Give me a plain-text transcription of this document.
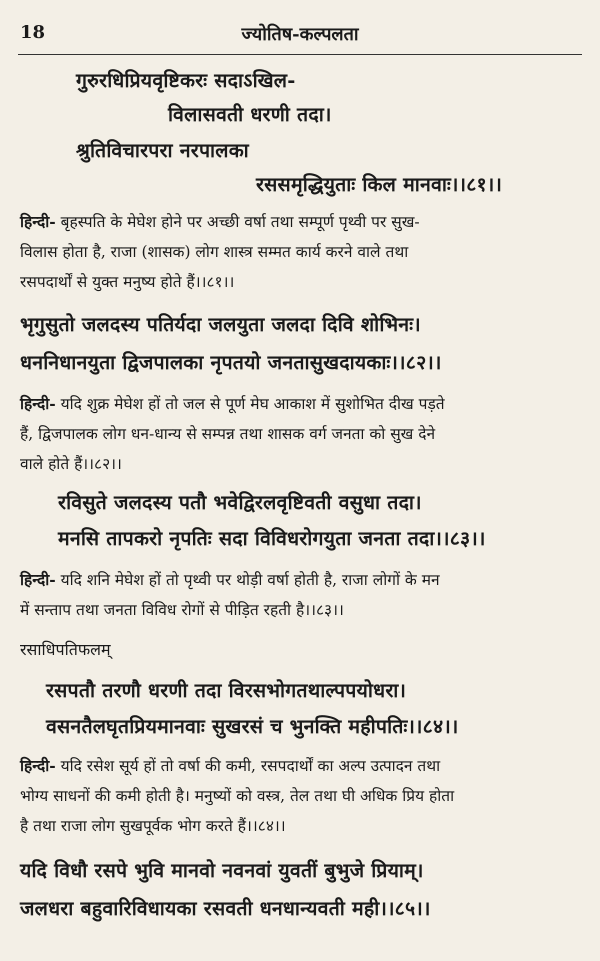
18	ज्योतिष-कल्पलता
गुरुरधिप्रियवृष्टिकरः सदाऽखिल-
विलासवती धरणी तदा।
श्रुतिविचारपरा नरपालका
रससमृद्धियुताः किल मानवाः।।८१।।
हिन्दी- बृहस्पति के मेघेश होने पर अच्छी वर्षा तथा सम्पूर्ण पृथ्वी पर सुख-
विलास होता है, राजा (शासक) लोग शास्त्र सम्मत कार्य करने वाले तथा
रसपदार्थों से युक्त मनुष्य होते हैं।।८१।।
भृगुसुतो जलदस्य पतिर्यदा जलयुता जलदा दिवि शोभिनः।
धननिधानयुता द्विजपालका नृपतयो जनतासुखदायकाः।।८२।।
हिन्दी- यदि शुक्र मेघेश हों तो जल से पूर्ण मेघ आकाश में सुशोभित दीख पड़ते
हैं, द्विजपालक लोग धन-धान्य से सम्पन्न तथा शासक वर्ग जनता को सुख देने
वाले होते हैं।।८२।।
रविसुते जलदस्य पतौ भवेद्विरलवृष्टिवती वसुधा तदा।
मनसि तापकरो नृपतिः सदा विविधरोगयुता जनता तदा।।८३।।
हिन्दी- यदि शनि मेघेश हों तो पृथ्वी पर थोड़ी वर्षा होती है, राजा लोगों के मन
में सन्ताप तथा जनता विविध रोगों से पीड़ित रहती है।।८३।।
रसाधिपतिफलम्
रसपतौ तरणौ धरणी तदा विरसभोगतथाल्पपयोधरा।
वसनतैलघृतप्रियमानवाः सुखरसं च भुनक्ति महीपतिः।।८४।।
हिन्दी- यदि रसेश सूर्य हों तो वर्षा की कमी, रसपदार्थों का अल्प उत्पादन तथा
भोग्य साधनों की कमी होती है। मनुष्यों को वस्त्र, तेल तथा घी अधिक प्रिय होता
है तथा राजा लोग सुखपूर्वक भोग करते हैं।।८४।।
यदि विधौ रसपे भुवि मानवो नवनवां युवतीं बुभुजे प्रियाम्।
जलधरा बहुवारिविधायका रसवती धनधान्यवती मही।।८५।।
